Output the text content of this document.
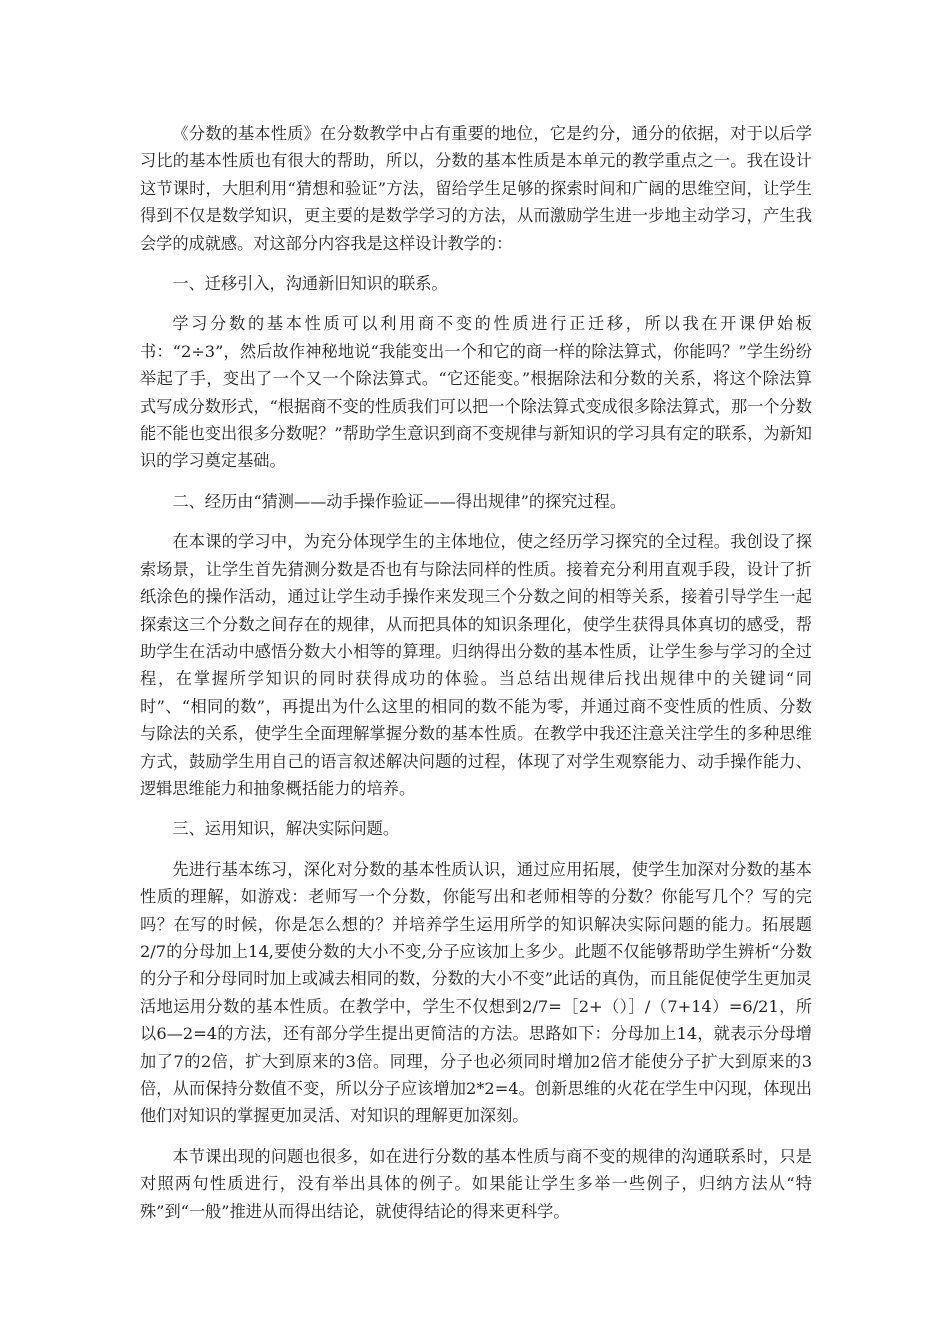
《分数的基本性质》在分数教学中占有重要的地位，它是约分，通分的依据，对于以后学习比的基本性质也有很大的帮助，所以，分数的基本性质是本单元的教学重点之一。我在设计这节课时，大胆利用“猜想和验证”方法，留给学生足够的探索时间和广阔的思维空间，让学生得到不仅是数学知识，更主要的是数学学习的方法，从而激励学生进一步地主动学习，产生我会学的成就感。对这部分内容我是这样设计教学的：

一、迁移引入，沟通新旧知识的联系。

学习分数的基本性质可以利用商不变的性质进行正迁移，所以我在开课伊始板书：“2÷3”，然后故作神秘地说“我能变出一个和它的商一样的除法算式，你能吗？”学生纷纷举起了手，变出了一个又一个除法算式。“它还能变。”根据除法和分数的关系，将这个除法算式写成分数形式，“根据商不变的性质我们可以把一个除法算式变成很多除法算式，那一个分数能不能也变出很多分数呢？”帮助学生意识到商不变规律与新知识的学习具有定的联系，为新知识的学习奠定基础。

二、经历由“猜测——动手操作验证——得出规律”的探究过程。

在本课的学习中，为充分体现学生的主体地位，使之经历学习探究的全过程。我创设了探索场景，让学生首先猜测分数是否也有与除法同样的性质。接着充分利用直观手段，设计了折纸涂色的操作活动，通过让学生动手操作来发现三个分数之间的相等关系，接着引导学生一起探索这三个分数之间存在的规律，从而把具体的知识条理化，使学生获得具体真切的感受，帮助学生在活动中感悟分数大小相等的算理。归纳得出分数的基本性质，让学生参与学习的全过程，在掌握所学知识的同时获得成功的体验。当总结出规律后找出规律中的关键词“同时”、“相同的数”，再提出为什么这里的相同的数不能为零，并通过商不变性质的性质、分数与除法的关系，使学生全面理解掌握分数的基本性质。在教学中我还注意关注学生的多种思维方式，鼓励学生用自己的语言叙述解决问题的过程，体现了对学生观察能力、动手操作能力、逻辑思维能力和抽象概括能力的培养。

三、运用知识，解决实际问题。

先进行基本练习，深化对分数的基本性质认识，通过应用拓展，使学生加深对分数的基本性质的理解，如游戏：老师写一个分数，你能写出和老师相等的分数？你能写几个？写的完吗？在写的时候，你是怎么想的？并培养学生运用所学的知识解决实际问题的能力。拓展题2/7的分母加上14,要使分数的大小不变,分子应该加上多少。此题不仅能够帮助学生辨析“分数的分子和分母同时加上或减去相同的数，分数的大小不变”此话的真伪，而且能促使学生更加灵活地运用分数的基本性质。在教学中，学生不仅想到2/7=［2+（）］/（7+14）=6/21，所以6—2=4的方法，还有部分学生提出更简洁的方法。思路如下：分母加上14，就表示分母增加了7的2倍，扩大到原来的3倍。同理，分子也必须同时增加2倍才能使分子扩大到原来的3倍，从而保持分数值不变，所以分子应该增加2*2=4。创新思维的火花在学生中闪现，体现出他们对知识的掌握更加灵活、对知识的理解更加深刻。

本节课出现的问题也很多，如在进行分数的基本性质与商不变的规律的沟通联系时，只是对照两句性质进行，没有举出具体的例子。如果能让学生多举一些例子，归纳方法从“特殊”到“一般”推进从而得出结论，就使得结论的得来更科学。
